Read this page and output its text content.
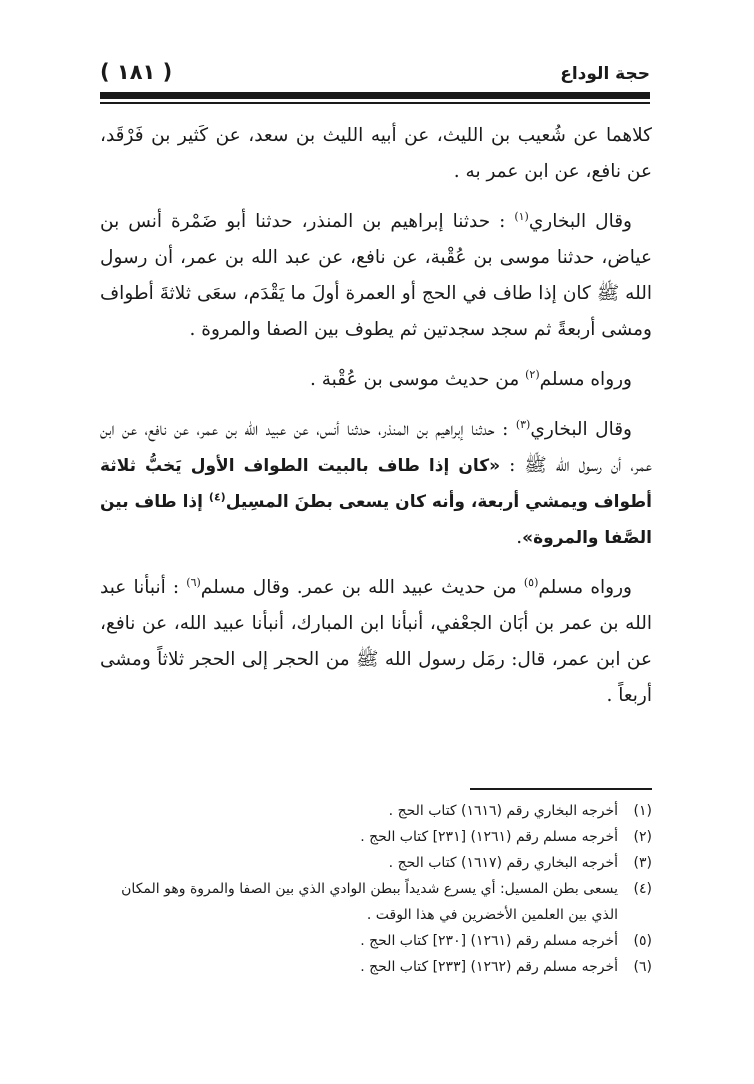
( ١٨١ )	حجة الوداع

كلاهما عن شُعيب بن الليث، عن أبيه الليث بن سعد، عن كَثير بن فَرْقَد، عن نافع، عن ابن عمر به .

وقال البخاري$^{(١)}$ : حدثنا إبراهيم بن المنذر، حدثنا أبو ضَمْرة أنس بن عياض، حدثنا موسى بن عُقْبة، عن نافع، عن عبد الله بن عمر، أن رسول الله ﷺ كان إذا طاف في الحج أو العمرة أولَ ما يَقْدَم، سعَى ثلاثةَ أطواف ومشى أربعةً ثم سجد سجدتين ثم يطوف بين الصفا والمروة .

ورواه مسلم$^{(٢)}$ من حديث موسى بن عُقْبة .

وقال البخاري$^{(٣)}$ : حدثنا إبراهيم بن المنذر، حدثنا أنس، عن عبيد الله بن عمر، عن نافع، عن ابن عمر، أن رسول الله ﷺ : «كان إذا طاف بالبيت الطواف الأول يَخبُّ ثلاثة أطواف ويمشي أربعة، وأنه كان يسعى بطنَ المسِيل$^{(٤)}$ إذا طاف بين الصَّفا والمروة».

ورواه مسلم$^{(٥)}$ من حديث عبيد الله بن عمر. وقال مسلم$^{(٦)}$ : أنبأنا عبد الله بن عمر بن أبَان الجعْفي، أنبأنا ابن المبارك، أنبأنا عبيد الله، عن نافع، عن ابن عمر، قال: رمَل رسول الله ﷺ من الحجر إلى الحجر ثلاثاً ومشى أربعاً .

(١)
أخرجه البخاري رقم (١٦١٦) كتاب الحج .
(٢)
أخرجه مسلم رقم (١٢٦١) [٢٣١] كتاب الحج .
(٣)
أخرجه البخاري رقم (١٦١٧) كتاب الحج .
(٤)
يسعى بطن المسيل: أي يسرع شديداً ببطن الوادي الذي بين الصفا والمروة وهو المكان الذي بين العلمين الأخضرين في هذا الوقت .
(٥)
أخرجه مسلم رقم (١٢٦١) [٢٣٠] كتاب الحج .
(٦)
أخرجه مسلم رقم (١٢٦٢) [٢٣٣] كتاب الحج .
